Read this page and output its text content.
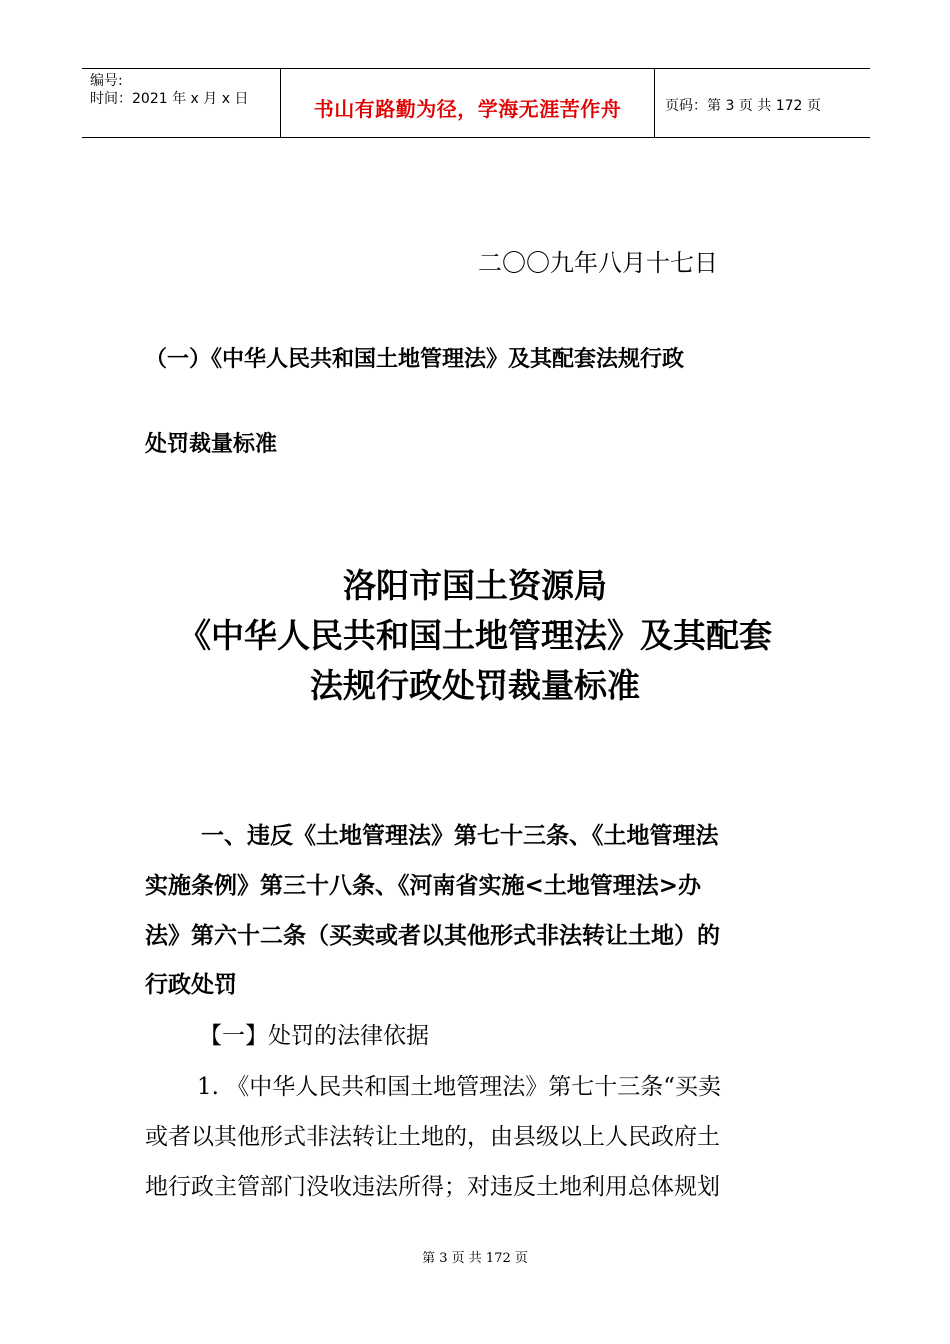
编号:
时间：2021 年 x 月 x 日	书山有路勤为径，学海无涯苦作舟	页码：第 3 页 共 172 页
二〇〇九年八月十七日
（一）《中华人民共和国土地管理法》及其配套法规行政
处罚裁量标准
洛阳市国土资源局
《中华人民共和国土地管理法》及其配套
法规行政处罚裁量标准
一、违反《土地管理法》第七十三条、《土地管理法
实施条例》第三十八条、《河南省实施<土地管理法>办
法》第六十二条（买卖或者以其他形式非法转让土地）的
行政处罚
【一】处罚的法律依据
1. 《中华人民共和国土地管理法》第七十三条“买卖
或者以其他形式非法转让土地的，由县级以上人民政府土
地行政主管部门没收违法所得；对违反土地利用总体规划
第 3 页 共 172 页
